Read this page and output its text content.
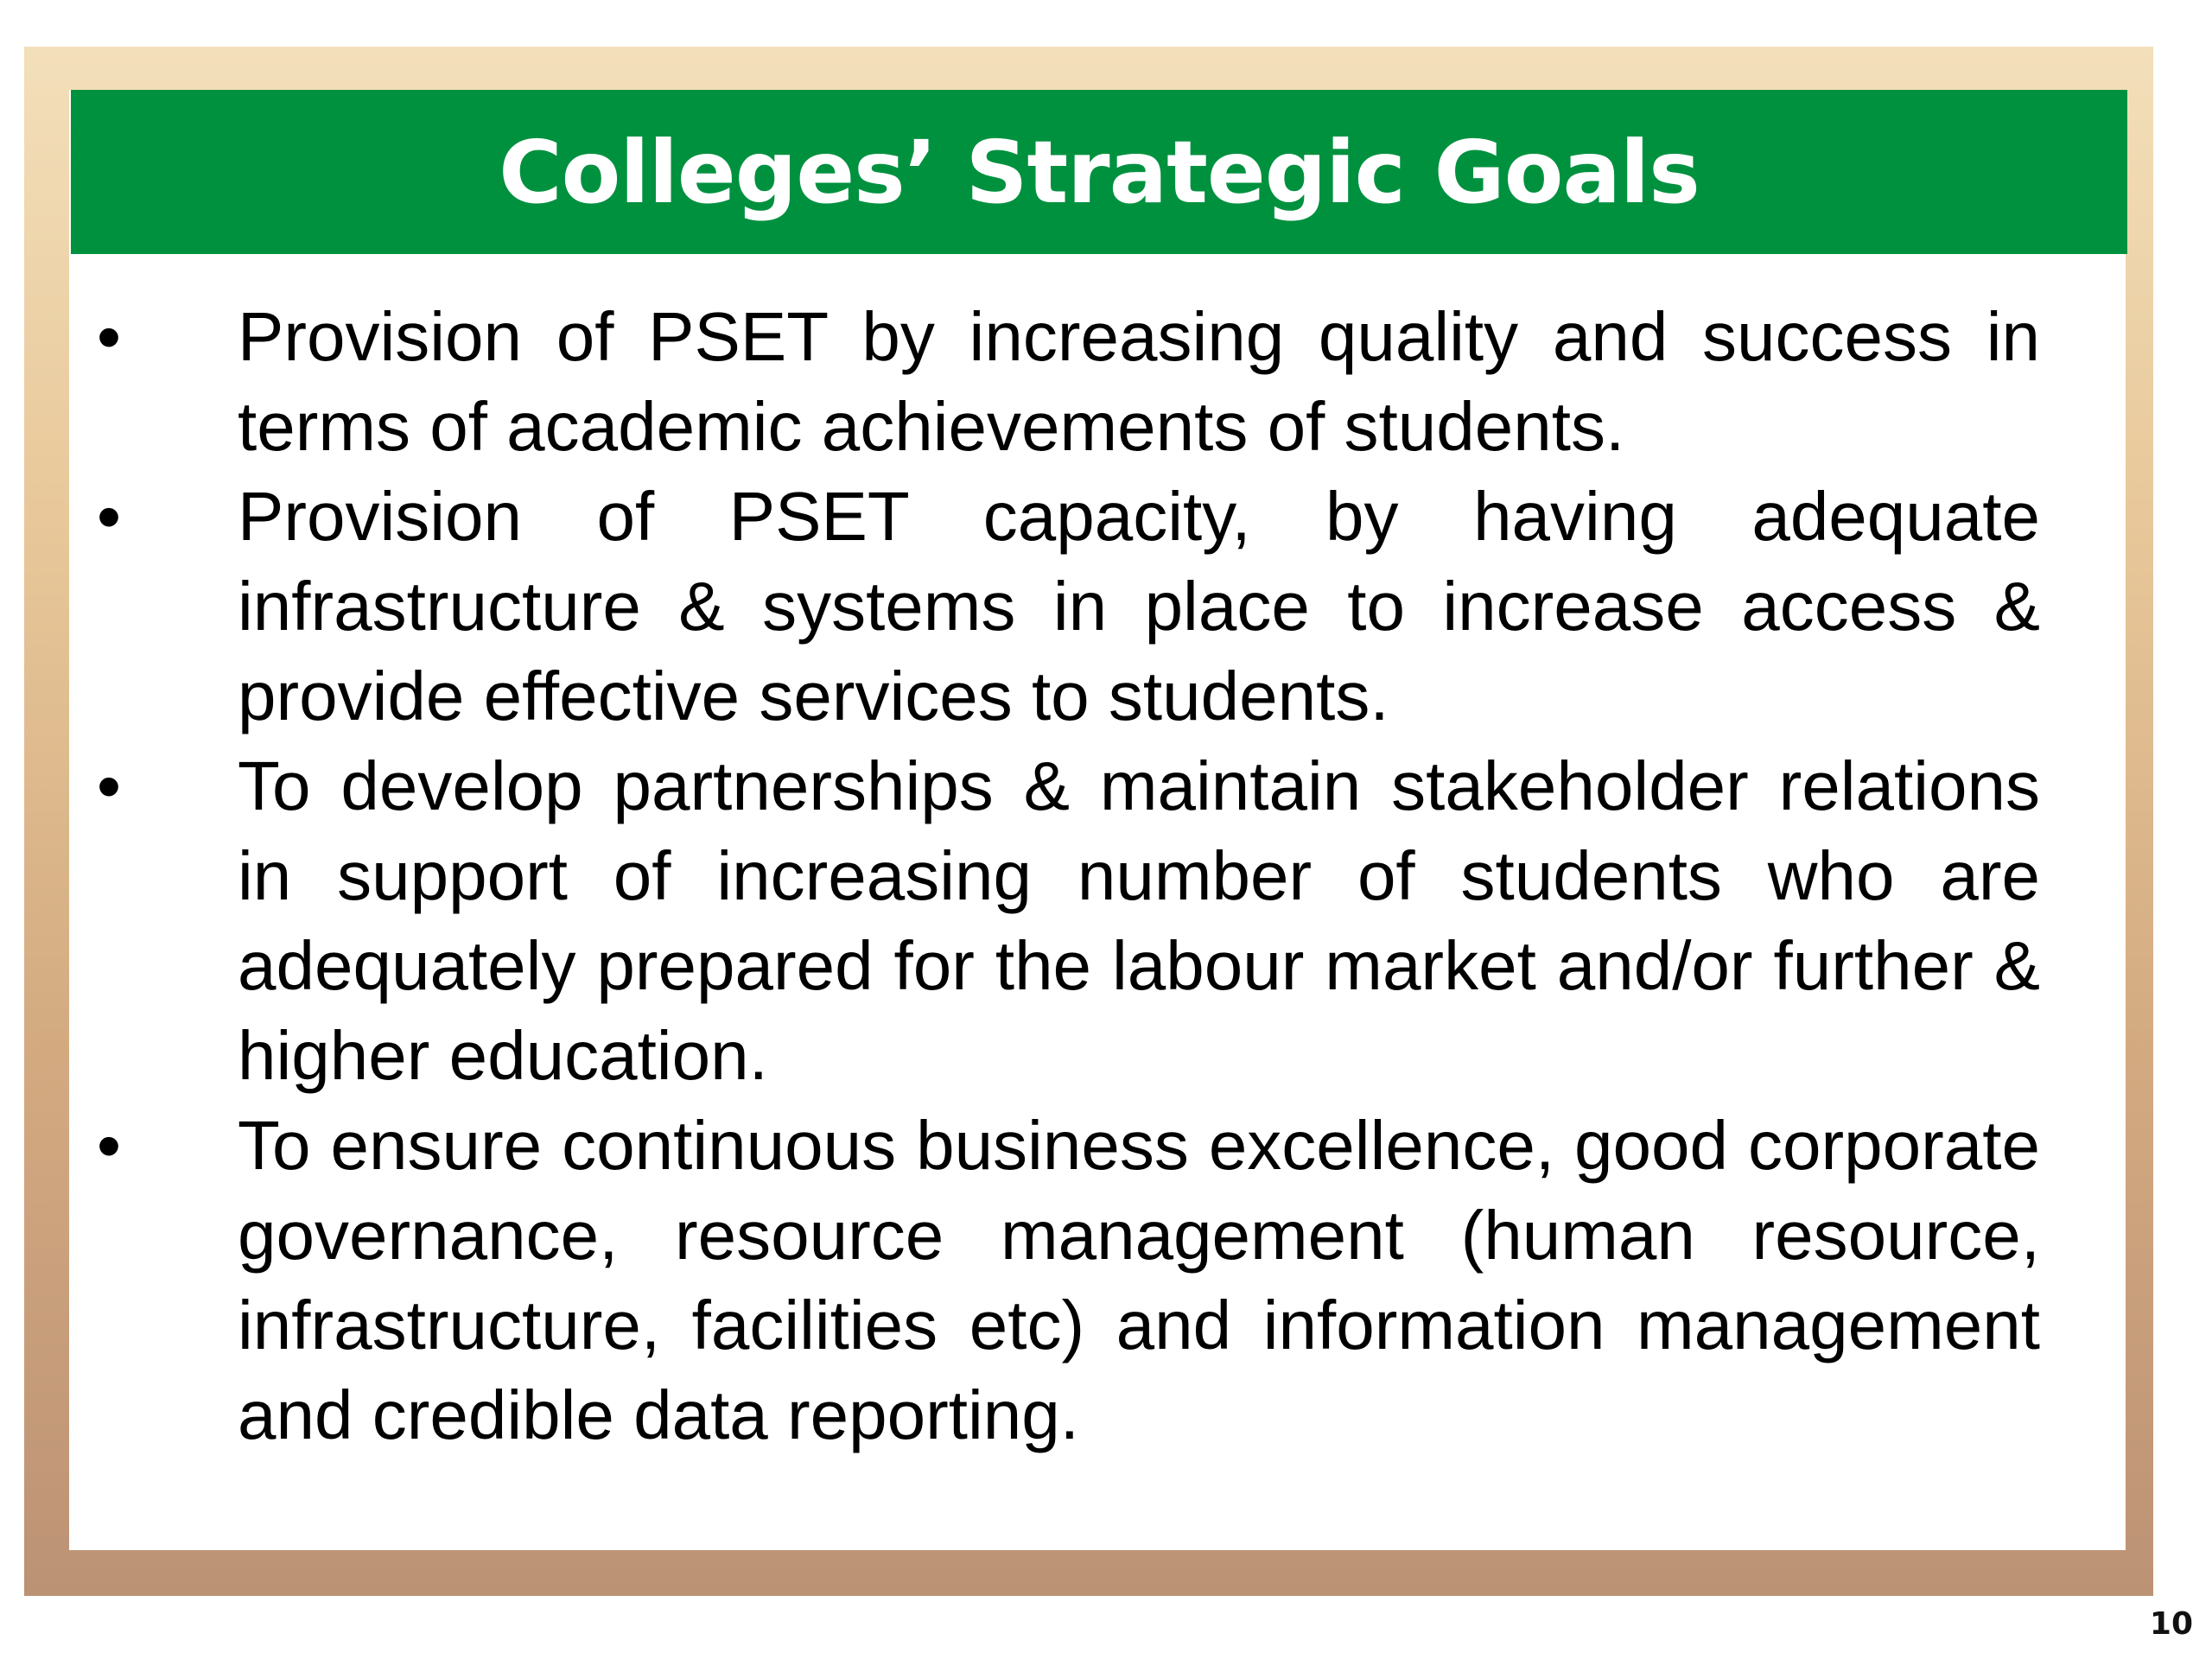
Colleges’ Strategic Goals
• Provision of PSET by increasing quality and success in terms of academic achievements of students.
• Provision of PSET capacity, by having adequate infrastructure & systems in place to increase access & provide effective services to students.
• To develop partnerships & maintain stakeholder relations in support of increasing number of students who are adequately prepared for the labour market and/or further & higher education.
• To ensure continuous business excellence, good corporate governance, resource management (human resource, infrastructure, facilities etc) and information management and credible data reporting.
10
